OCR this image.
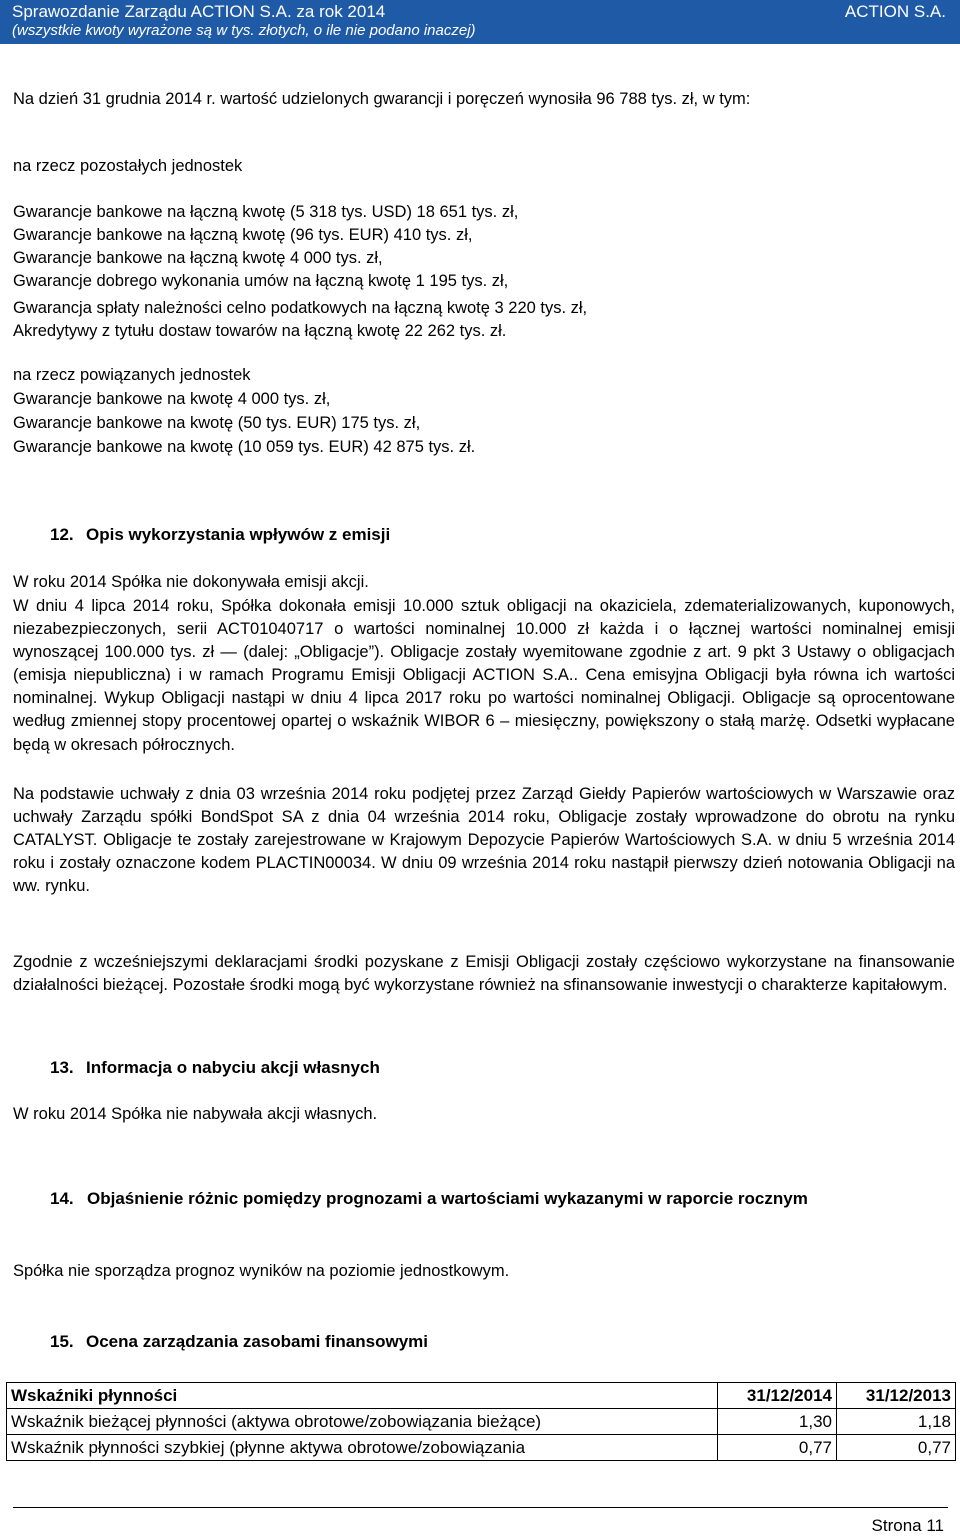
Sprawozdanie Zarządu ACTION S.A. za rok 2014	ACTION S.A.
(wszystkie kwoty wyrażone są w tys. złotych, o ile nie podano inaczej)
Na dzień 31 grudnia 2014 r. wartość udzielonych gwarancji i poręczeń wynosiła 96 788 tys. zł, w tym:
na rzecz pozostałych jednostek
Gwarancje bankowe na łączną kwotę (5 318 tys. USD) 18 651 tys. zł,
Gwarancje bankowe na łączną kwotę (96 tys. EUR) 410 tys. zł,
Gwarancje bankowe na łączną kwotę 4 000 tys. zł,
Gwarancje dobrego wykonania umów na łączną kwotę 1 195 tys. zł,
Gwarancja spłaty należności celno podatkowych na łączną kwotę 3 220 tys. zł,
Akredytywy z tytułu dostaw towarów na łączną kwotę 22 262 tys. zł.
na rzecz powiązanych jednostek
Gwarancje bankowe na kwotę 4 000 tys. zł,
Gwarancje bankowe na kwotę (50 tys. EUR) 175 tys. zł,
Gwarancje bankowe na kwotę (10 059 tys. EUR) 42 875 tys. zł.
12. Opis wykorzystania wpływów z emisji
W roku 2014 Spółka nie dokonywała emisji akcji.
W dniu 4 lipca 2014 roku, Spółka dokonała emisji 10.000 sztuk obligacji na okaziciela, zdematerializowanych, kuponowych, niezabezpieczonych, serii ACT01040717 o wartości nominalnej 10.000 zł każda i o łącznej wartości nominalnej emisji wynoszącej 100.000 tys. zł — (dalej: „Obligacje”). Obligacje zostały wyemitowane zgodnie z art. 9 pkt 3 Ustawy o obligacjach (emisja niepublicznа) i w ramach Programu Emisji Obligacji ACTION S.A.. Cena emisyjna Obligacji była równa ich wartości nominalnej. Wykup Obligacji nastąpi w dniu 4 lipca 2017 roku po wartości nominalnej Obligacji. Obligacje są oprocentowane według zmiennej stopy procentowej opartej o wskaźnik WIBOR 6 – miesięczny, powiększony o stałą marżę. Odsetki wypłacane będą w okresach półrocznych.
Na podstawie uchwały z dnia 03 września 2014 roku podjętej przez Zarząd Giełdy Papierów wartościowych w Warszawie oraz uchwały Zarządu spółki BondSpot SA z dnia 04 września 2014 roku, Obligacje zostały wprowadzone do obrotu na rynku CATALYST. Obligacje te zostały zarejestrowane w Krajowym Depozycie Papierów Wartościowych S.A. w dniu 5 września 2014 roku i zostały oznaczone kodem PLACTIN00034. W dniu 09 września 2014 roku nastąpił pierwszy dzień notowania Obligacji na ww. rynku.
Zgodnie z wcześniejszymi deklaracjami środki pozyskane z Emisji Obligacji zostały częściowo wykorzystane na finansowanie działalności bieżącej. Pozostałe środki mogą być wykorzystane również na sfinansowanie inwestycji o charakterze kapitałowym.
13. Informacja o nabyciu akcji własnych
W roku 2014 Spółka nie nabywała akcji własnych.
14. Objaśnienie różnic pomiędzy prognozami a wartościami wykazanymi w raporcie rocznym
Spółka nie sporządza prognoz wyników na poziomie jednostkowym.
15. Ocena zarządzania zasobami finansowymi
Wskaźniki płynności	31/12/2014	31/12/2013
Wskaźnik bieżącej płynności (aktywa obrotowe/zobowiązania bieżące)	1,30	1,18
Wskaźnik płynności szybkiej (płynne aktywa obrotowe/zobowiązania	0,77	0,77
Strona 11
